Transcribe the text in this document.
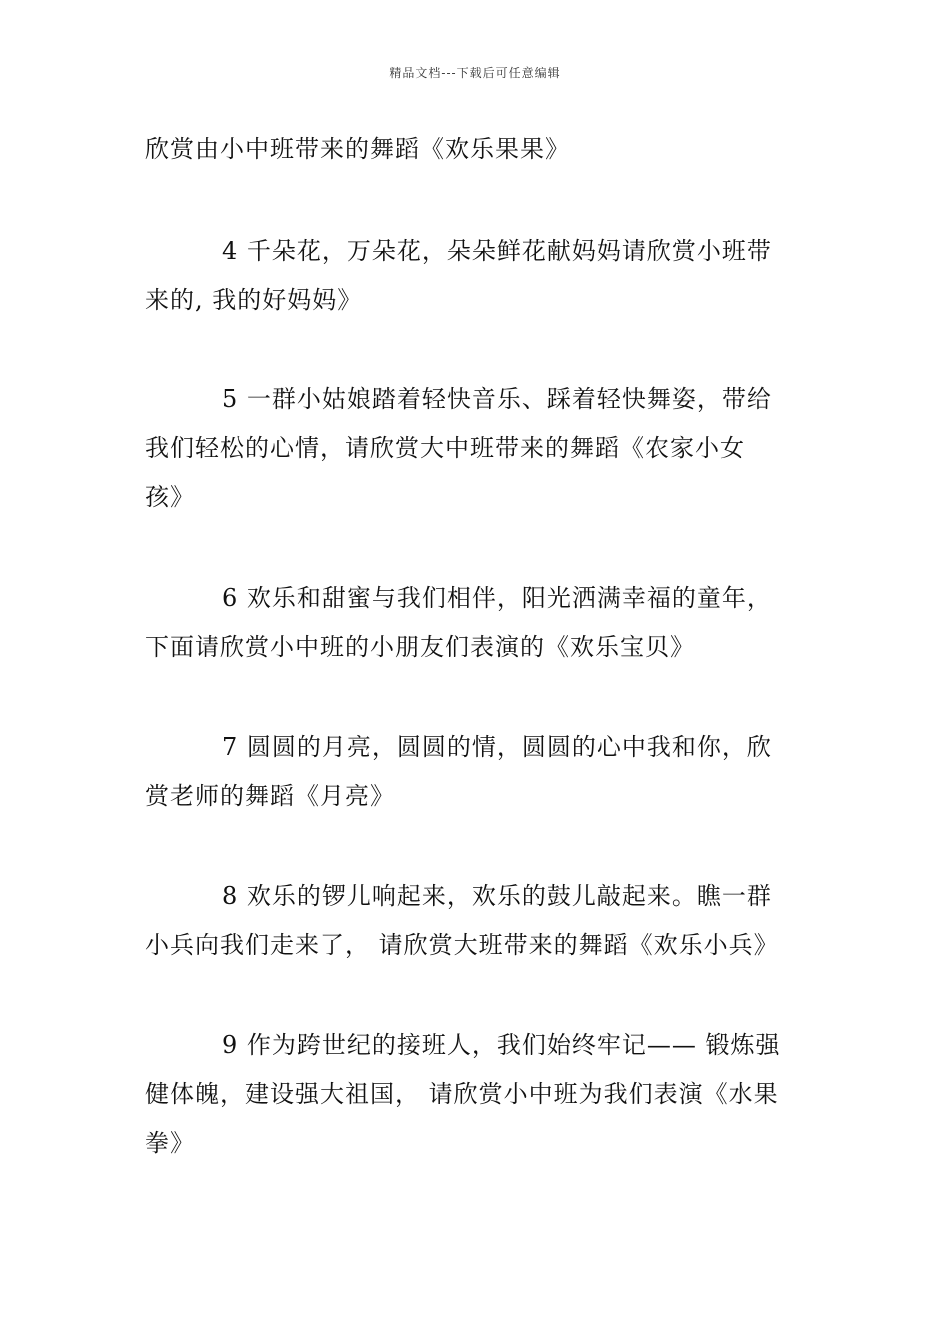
精品文档---下载后可任意编辑
欣赏由小中班带来的舞蹈《欢乐果果》
4 千朵花，万朵花，朵朵鲜花献妈妈请欣赏小班带
来的, 我的好妈妈》
5 一群小姑娘踏着轻快音乐、踩着轻快舞姿，带给
我们轻松的心情，请欣赏大中班带来的舞蹈《农家小女
孩》
6 欢乐和甜蜜与我们相伴，阳光洒满幸福的童年，
下面请欣赏小中班的小朋友们表演的《欢乐宝贝》
7 圆圆的月亮，圆圆的情，圆圆的心中我和你，欣
赏老师的舞蹈《月亮》
8 欢乐的锣儿响起来，欢乐的鼓儿敲起来。瞧一群
小兵向我们走来了， 请欣赏大班带来的舞蹈《欢乐小兵》
9 作为跨世纪的接班人，我们始终牢记—— 锻炼强
健体魄，建设强大祖国， 请欣赏小中班为我们表演《水果
拳》
